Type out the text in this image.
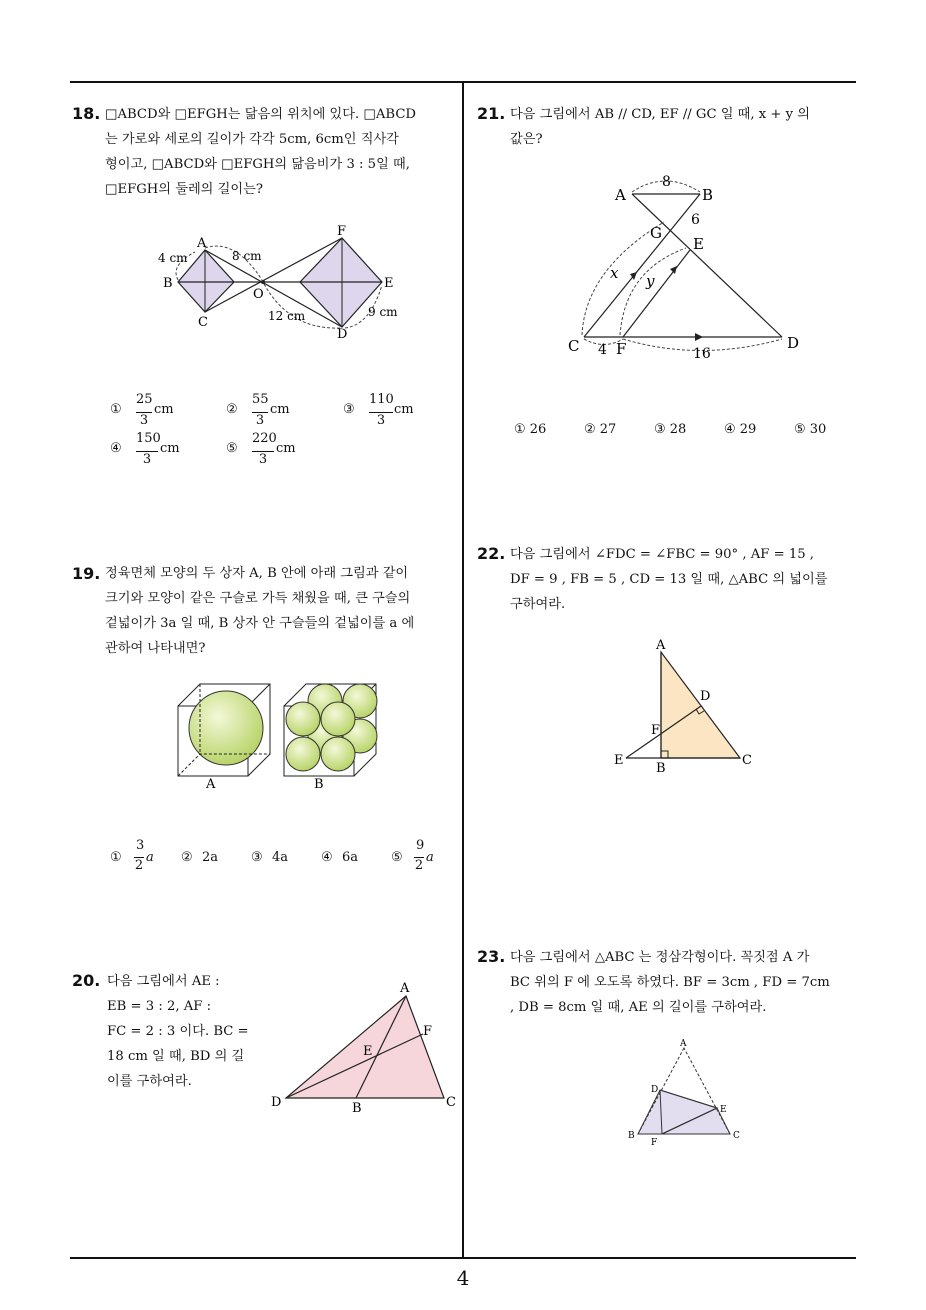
4
18. □ABCD와 □EFGH는 닮음의 위치에 있다. □ABCD
는 가로와 세로의 길이가 각각 5cm, 6cm인 직사각
형이고, □ABCD와 □EFGH의 닮음비가 3 : 5일 때,
□EFGH의 둘레의 길이는?
A
B
C
D
E
F
O
4 cm	8 cm
12 cm	9 cm
①
25
3
cm	②
55
3
cm	③
110
3
cm
④
150
3
cm	⑤
220
3
cm
19. 정육면체 모양의 두 상자 A, B 안에 아래 그림과 같이
크기와 모양이 같은 구슬로 가득 채웠을 때, 큰 구슬의
겉넓이가 3a 일 때, B 상자 안 구슬들의 겉넓이를 a 에
관하여 나타내면?
A	B
①
3
2
a ② 2a	③ 4a	④ 6a	⑤
9
2
a
20. 다음 그림에서 AE :
EB = 3 : 2, AF :
FC = 2 : 3 이다. BC =
18 cm 일 때, BD 의 길
이를 구하여라.
A
B	C
D
E
F
21. 다음 그림에서 AB // CD, EF // GC 일 때, x + y 의
값은?
A	B
C	D
E
F
G
x y
8
6
4	16
① 26	② 27	③ 28	④ 29	⑤ 30
22. 다음 그림에서 ∠FDC = ∠FBC = 90° , AF = 15 ,
DF = 9 , FB = 5 , CD = 13 일 때, △ABC 의 넓이를
구하여라.
A
B
C
D
E
F
23. 다음 그림에서 △ABC 는 정삼각형이다. 꼭짓점 A 가
BC 위의 F 에 오도록 하였다. BF = 3cm , FD = 7cm
, DB = 8cm 일 때, AE 의 길이를 구하여라.
A
B	C
D
E
F
